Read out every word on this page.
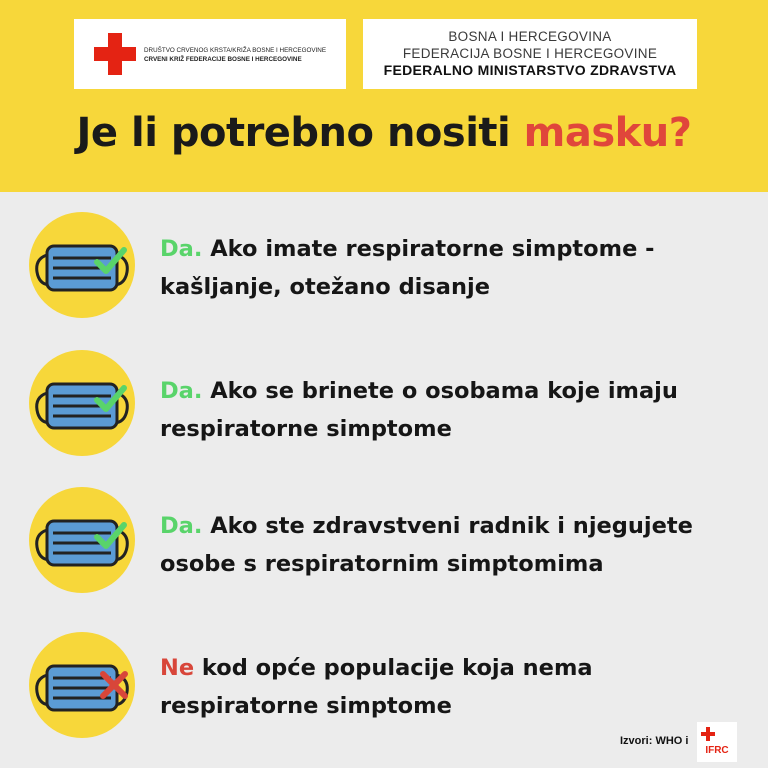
DRUŠTVO CRVENOG KRSTA/KRIŽA BOSNE I HERCEGOVINE
CRVENI KRIŽ FEDERACIJE BOSNE I HERCEGOVINE
BOSNA I HERCEGOVINA
FEDERACIJA BOSNE I HERCEGOVINE
FEDERALNO MINISTARSTVO ZDRAVSTVA
Je li potrebno nositi masku?
Da. Ako imate respiratorne simptome - kašljanje, otežano disanje
Da. Ako se brinete o osobama koje imaju respiratorne simptome
Da. Ako ste zdravstveni radnik i njegujete osobe s respiratornim simptomima
Ne kod opće populacije koja nema respiratorne simptome
Izvori: WHO i
IFRC
